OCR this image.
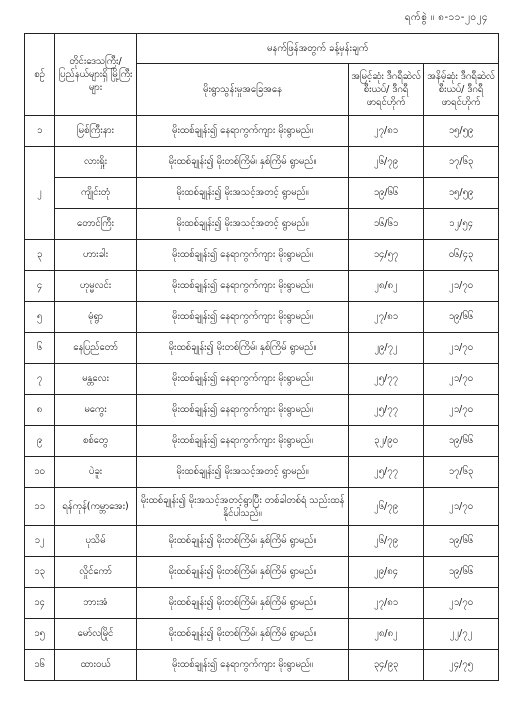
ရက်စွဲ ။ ၈-၁၁-၂၀၂၄
စဉ်	တိုင်းဒေသကြီး/ ပြည်နယ်များရှိ မြို့ကြီးများ	မနက်ဖြန်အတွက် ခန့်မှန်းချက်		
		မိုးရွာသွန်းမှုအခြေအနေ	အမြင့်ဆုံး ဒီဂရီဆဲလ်စီးယပ်/ ဒီဂရီဖာရင်ဟိုက်	အနိမ့်ဆုံး ဒီဂရီဆဲလ်စီးယပ်/ ဒီဂရီဖာရင်ဟိုက်
၁	မြစ်ကြီးနား	မိုးထစ်ချုန်း၍ နေရာကွက်ကျား မိုးရွာမည်။	၂၇/၈၁	၁၅/၅၉
၂	လားရှိုး	မိုးထစ်ချုန်း၍ မိုးတစ်ကြိမ်၊ နှစ်ကြိမ် ရွာမည်။	၂၆/၇၉	၁၇/၆၃
	ကျိုင်းတုံ	မိုးထစ်ချုန်း၍ မိုးအသင့်အတင့် ရွာမည်။	၁၉/၆၆	၁၅/၅၉
	တောင်ကြီး	မိုးထစ်ချုန်း၍ မိုးအသင့်အတင့် ရွာမည်။	၁၆/၆၁	၁၂/၅၄
၃	ဟားခါး	မိုးထစ်ချုန်း၍ နေရာကွက်ကျား မိုးရွာမည်။	၁၄/၅၇	၀၆/၄၃
၄	ဟုမ္မလင်း	မိုးထစ်ချုန်း၍ နေရာကွက်ကျား မိုးရွာမည်။	၂၈/၈၂	၂၁/၇၀
၅	မုံရွာ	မိုးထစ်ချုန်း၍ နေရာကွက်ကျား မိုးရွာမည်။	၂၇/၈၁	၁၉/၆၆
၆	နေပြည်တော်	မိုးထစ်ချုန်း၍ မိုးတစ်ကြိမ်၊ နှစ်ကြိမ် ရွာမည်။	၂၉/၇၂	၂၁/၇၀
၇	မန္တလေး	မိုးထစ်ချုန်း၍ နေရာကွက်ကျား မိုးရွာမည်။	၂၅/၇၇	၂၁/၇၀
၈	မကွေး	မိုးထစ်ချုန်း၍ နေရာကွက်ကျား မိုးရွာမည်။	၂၅/၇၇	၂၁/၇၀
၉	စစ်တွေ	မိုးထစ်ချုန်း၍ နေရာကွက်ကျား မိုးရွာမည်။	၃၂/၉၀	၁၉/၆၆
၁၀	ပဲခူး	မိုးထစ်ချုန်း၍ မိုးအသင့်အတင့် ရွာမည်။	၂၅/၇၇	၁၇/၆၃
၁၁	ရန်ကုန်(ကမ္ဘာအေး)	မိုးထစ်ချုန်း၍ မိုးအသင့်အတင့်ရွာပြီး တစ်ခါတစ်ရံ သည်းထန်နိုင်ပါသည်။	၂၆/၇၉	၂၁/၇၀
၁၂	ပုသိမ်	မိုးထစ်ချုန်း၍ မိုးတစ်ကြိမ်၊ နှစ်ကြိမ် ရွာမည်။	၂၆/၇၉	၁၉/၆၆
၁၃	လှိုင်ကော်	မိုးထစ်ချုန်း၍ မိုးတစ်ကြိမ်၊ နှစ်ကြိမ် ရွာမည်။	၂၉/၈၄	၁၉/၆၆
၁၄	ဘားအံ	မိုးထစ်ချုန်း၍ မိုးတစ်ကြိမ်၊ နှစ်ကြိမ် ရွာမည်။	၂၇/၈၁	၂၁/၇၀
၁၅	မော်လမြိုင်	မိုးထစ်ချုန်း၍ မိုးတစ်ကြိမ်၊ နှစ်ကြိမ် ရွာမည်။	၂၈/၈၂	၂၂/၇၂
၁၆	ထားဝယ်	မိုးထစ်ချုန်း၍ နေရာကွက်ကျား မိုးရွာမည်။	၃၄/၉၃	၂၄/၇၅
